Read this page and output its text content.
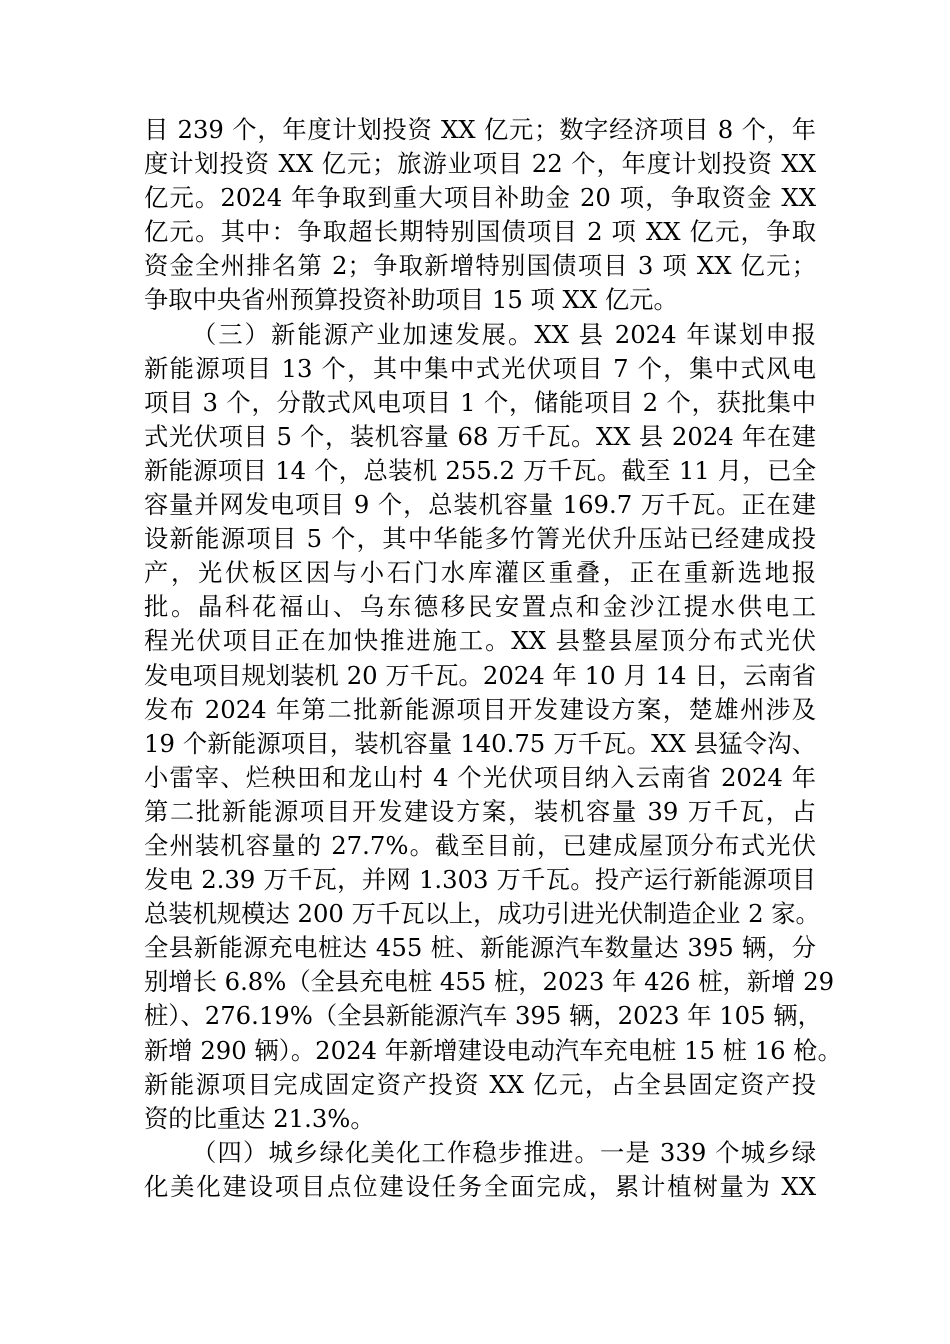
目 239 个，年度计划投资 XX 亿元；数字经济项目 8 个，年
度计划投资 XX 亿元；旅游业项目 22 个，年度计划投资 XX
亿元。2024 年争取到重大项目补助金 20 项，争取资金 XX
亿元。其中：争取超长期特别国债项目 2 项 XX 亿元，争取
资金全州排名第 2；争取新增特别国债项目 3 项 XX 亿元；
争取中央省州预算投资补助项目 15 项 XX 亿元。
（三）新能源产业加速发展。XX 县 2024 年谋划申报
新能源项目 13 个，其中集中式光伏项目 7 个，集中式风电
项目 3 个，分散式风电项目 1 个，储能项目 2 个，获批集中
式光伏项目 5 个，装机容量 68 万千瓦。XX 县 2024 年在建
新能源项目 14 个，总装机 255.2 万千瓦。截至 11 月，已全
容量并网发电项目 9 个，总装机容量 169.7 万千瓦。正在建
设新能源项目 5 个，其中华能多竹箐光伏升压站已经建成投
产，光伏板区因与小石门水库灌区重叠，正在重新选地报
批。晶科花福山、乌东德移民安置点和金沙江提水供电工
程光伏项目正在加快推进施工。XX 县整县屋顶分布式光伏
发电项目规划装机 20 万千瓦。2024 年 10 月 14 日，云南省
发布 2024 年第二批新能源项目开发建设方案，楚雄州涉及
19 个新能源项目，装机容量 140.75 万千瓦。XX 县猛令沟、
小雷宰、烂秧田和龙山村 4 个光伏项目纳入云南省 2024 年
第二批新能源项目开发建设方案，装机容量 39 万千瓦，占
全州装机容量的 27.7%。截至目前，已建成屋顶分布式光伏
发电 2.39 万千瓦，并网 1.303 万千瓦。投产运行新能源项目
总装机规模达 200 万千瓦以上，成功引进光伏制造企业 2 家。
全县新能源充电桩达 455 桩、新能源汽车数量达 395 辆，分
别增长 6.8%（全县充电桩 455 桩，2023 年 426 桩，新增 29
桩）、276.19%（全县新能源汽车 395 辆，2023 年 105 辆，
新增 290 辆）。2024 年新增建设电动汽车充电桩 15 桩 16 枪。
新能源项目完成固定资产投资 XX 亿元，占全县固定资产投
资的比重达 21.3%。
（四）城乡绿化美化工作稳步推进。一是 339 个城乡绿
化美化建设项目点位建设任务全面完成，累计植树量为 XX
